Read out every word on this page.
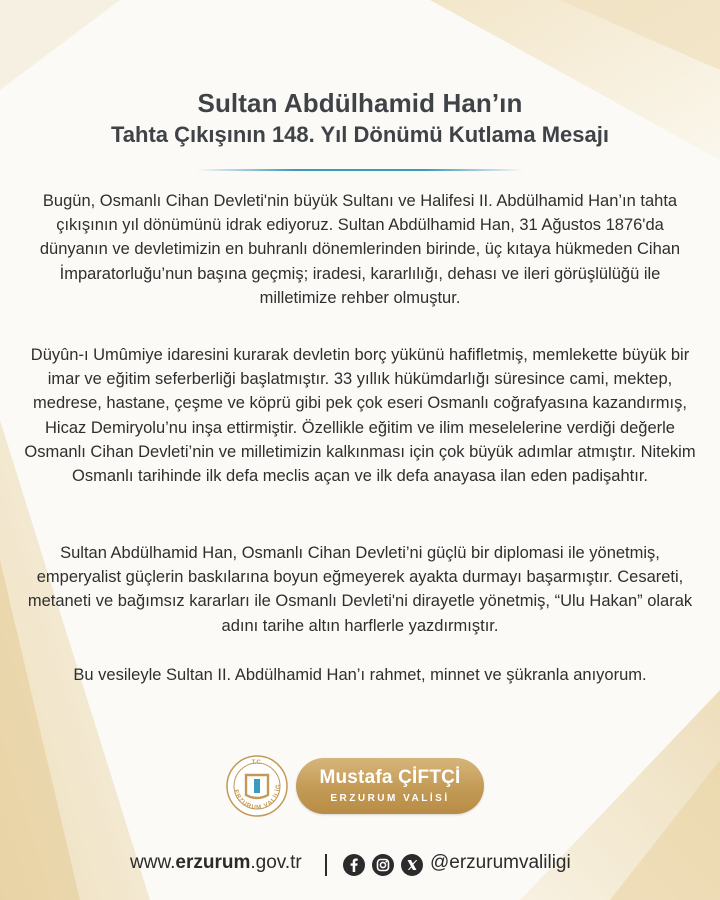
Sultan Abdülhamid Han’ın
Tahta Çıkışının 148. Yıl Dönümü Kutlama Mesajı

Bugün, Osmanlı Cihan Devleti'nin büyük Sultanı ve Halifesi II. Abdülhamid Han’ın tahta çıkışının yıl dönümünü idrak ediyoruz. Sultan Abdülhamid Han, 31 Ağustos 1876'da dünyanın ve devletimizin en buhranlı dönemlerinden birinde, üç kıtaya hükmeden Cihan İmparatorluğu’nun başına geçmiş; iradesi, kararlılığı, dehası ve ileri görüşlülüğü ile milletimize rehber olmuştur.

Düyûn-ı Umûmiye idaresini kurarak devletin borç yükünü hafifletmiş, memlekette büyük bir imar ve eğitim seferberliği başlatmıştır. 33 yıllık hükümdarlığı süresince cami, mektep, medrese, hastane, çeşme ve köprü gibi pek çok eseri Osmanlı coğrafyasına kazandırmış, Hicaz Demiryolu’nu inşa ettirmiştir. Özellikle eğitim ve ilim meselelerine verdiği değerle Osmanlı Cihan Devleti’nin ve milletimizin kalkınması için çok büyük adımlar atmıştır. Nitekim Osmanlı tarihinde ilk defa meclis açan ve ilk defa anayasa ilan eden padişahtır.

Sultan Abdülhamid Han, Osmanlı Cihan Devleti’ni güçlü bir diplomasi ile yönetmiş, emperyalist güçlerin baskılarına boyun eğmeyerek ayakta durmayı başarmıştır. Cesareti, metaneti ve bağımsız kararları ile Osmanlı Devleti'ni dirayetle yönetmiş, “Ulu Hakan” olarak adını tarihe altın harflerle yazdırmıştır.

Bu vesileyle Sultan II. Abdülhamid Han’ı rahmet, minnet ve şükranla anıyorum.

ERZURUM VALİLİĞ
T.C.
Mustafa ÇİFTÇİ
ERZURUM VALİSİ
www.erzurum.gov.tr	@erzurumvaliligi
